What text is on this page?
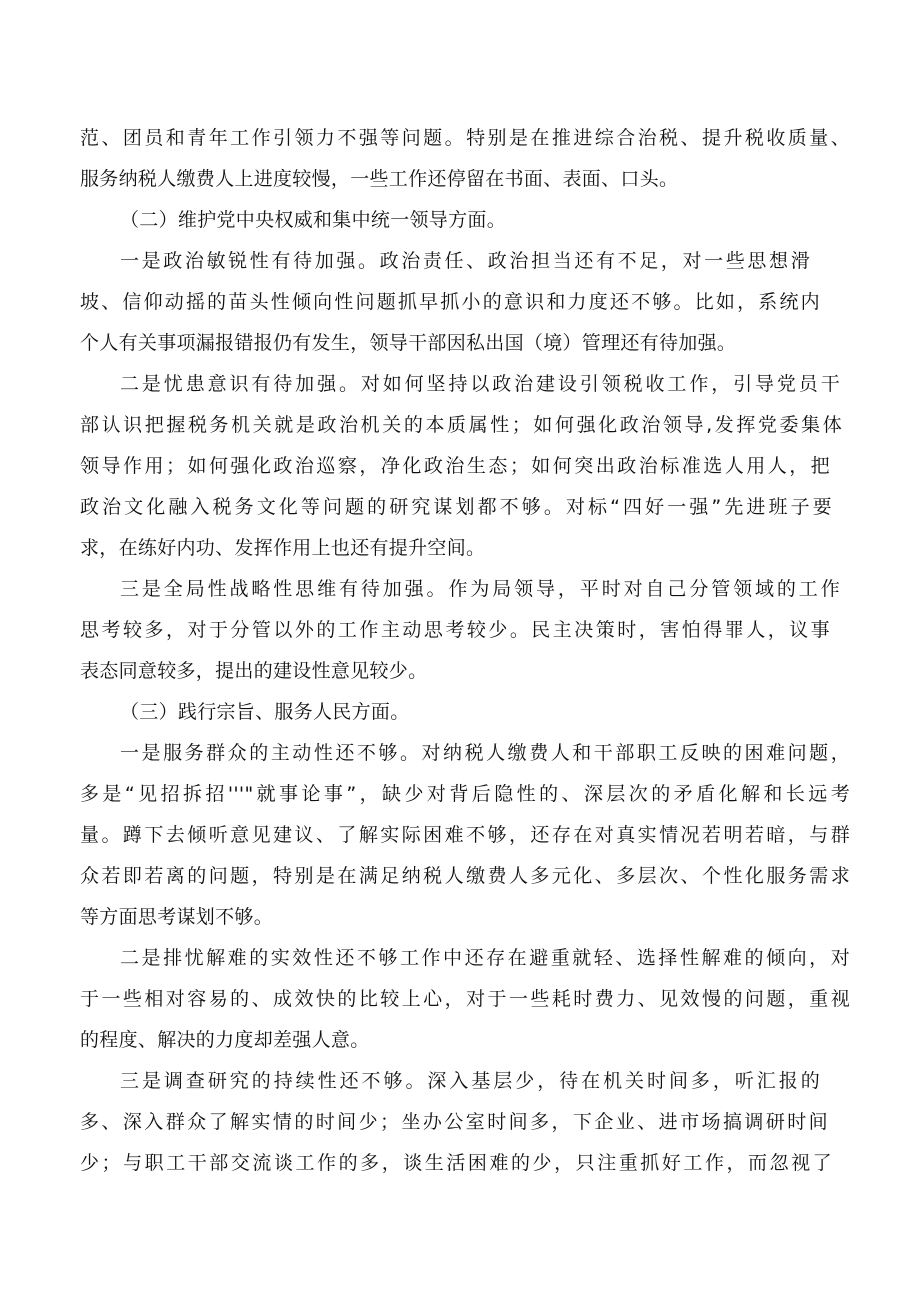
范、团员和青年工作引领力不强等问题。特别是在推进综合治税、提升税收质量、
服务纳税人缴费人上进度较慢，一些工作还停留在书面、表面、口头。
（二）维护党中央权威和集中统一领导方面。
一是政治敏锐性有待加强。政治责任、政治担当还有不足，对一些思想滑
坡、信仰动摇的苗头性倾向性问题抓早抓小的意识和力度还不够。比如，系统内
个人有关事项漏报错报仍有发生，领导干部因私出国（境）管理还有待加强。
二是忧患意识有待加强。对如何坚持以政治建设引领税收工作，引导党员干
部认识把握税务机关就是政治机关的本质属性；如何强化政治领导,发挥党委集体
领导作用；如何强化政治巡察，净化政治生态；如何突出政治标准选人用人，把
政治文化融入税务文化等问题的研究谋划都不够。对标“四好一强”先进班子要
求，在练好内功、发挥作用上也还有提升空间。
三是全局性战略性思维有待加强。作为局领导，平时对自己分管领域的工作
思考较多，对于分管以外的工作主动思考较少。民主决策时，害怕得罪人，议事
表态同意较多，提出的建设性意见较少。
（三）践行宗旨、服务人民方面。
一是服务群众的主动性还不够。对纳税人缴费人和干部职工反映的困难问题，
多是“见招拆招'''"就事论事”，缺少对背后隐性的、深层次的矛盾化解和长远考
量。蹲下去倾听意见建议、了解实际困难不够，还存在对真实情况若明若暗，与群
众若即若离的问题，特别是在满足纳税人缴费人多元化、多层次、个性化服务需求
等方面思考谋划不够。
二是排忧解难的实效性还不够工作中还存在避重就轻、选择性解难的倾向，对
于一些相对容易的、成效快的比较上心，对于一些耗时费力、见效慢的问题，重视
的程度、解决的力度却差强人意。
三是调查研究的持续性还不够。深入基层少，待在机关时间多，听汇报的
多、深入群众了解实情的时间少；坐办公室时间多，下企业、进市场搞调研时间
少；与职工干部交流谈工作的多，谈生活困难的少，只注重抓好工作，而忽视了
